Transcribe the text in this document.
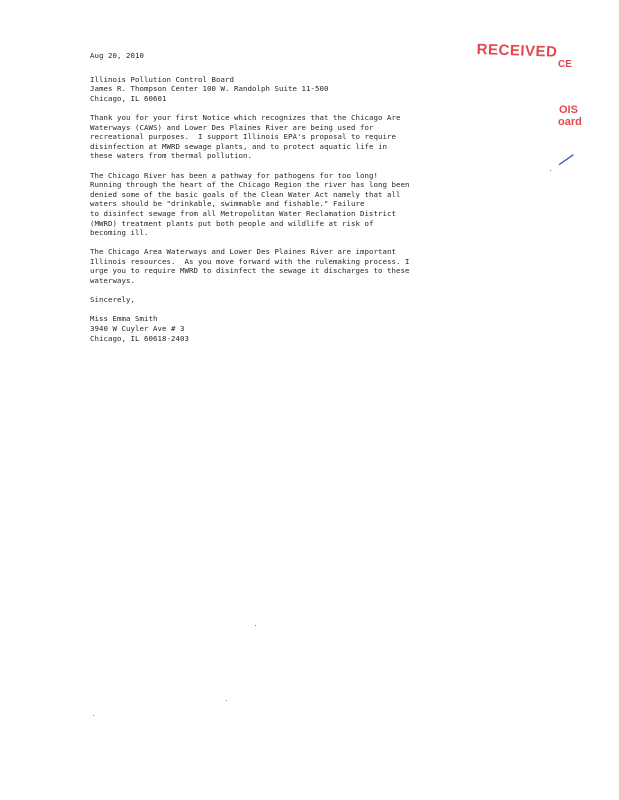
RECEIVED
CE
OIS
oard
Aug 20, 2010
Illinois Pollution Control Board
James R. Thompson Center 100 W. Randolph Suite 11-500
Chicago, IL 60601
Thank you for your first Notice which recognizes that the Chicago Are
Waterways (CAWS) and Lower Des Plaines River are being used for
recreational purposes.  I support Illinois EPA's proposal to require
disinfection at MWRD sewage plants, and to protect aquatic life in
these waters from thermal pollution.
The Chicago River has been a pathway for pathogens for too long!
Running through the heart of the Chicago Region the river has long been
denied some of the basic goals of the Clean Water Act namely that all
waters should be "drinkable, swimmable and fishable." Failure
to disinfect sewage from all Metropolitan Water Reclamation District
(MWRD) treatment plants put both people and wildlife at risk of
becoming ill.
The Chicago Area Waterways and Lower Des Plaines River are important
Illinois resources.  As you move forward with the rulemaking process. I
urge you to require MWRD to disinfect the sewage it discharges to these
waterways.
Sincerely,
Miss Emma Smith
3940 W Cuyler Ave # 3
Chicago, IL 60618-2403
